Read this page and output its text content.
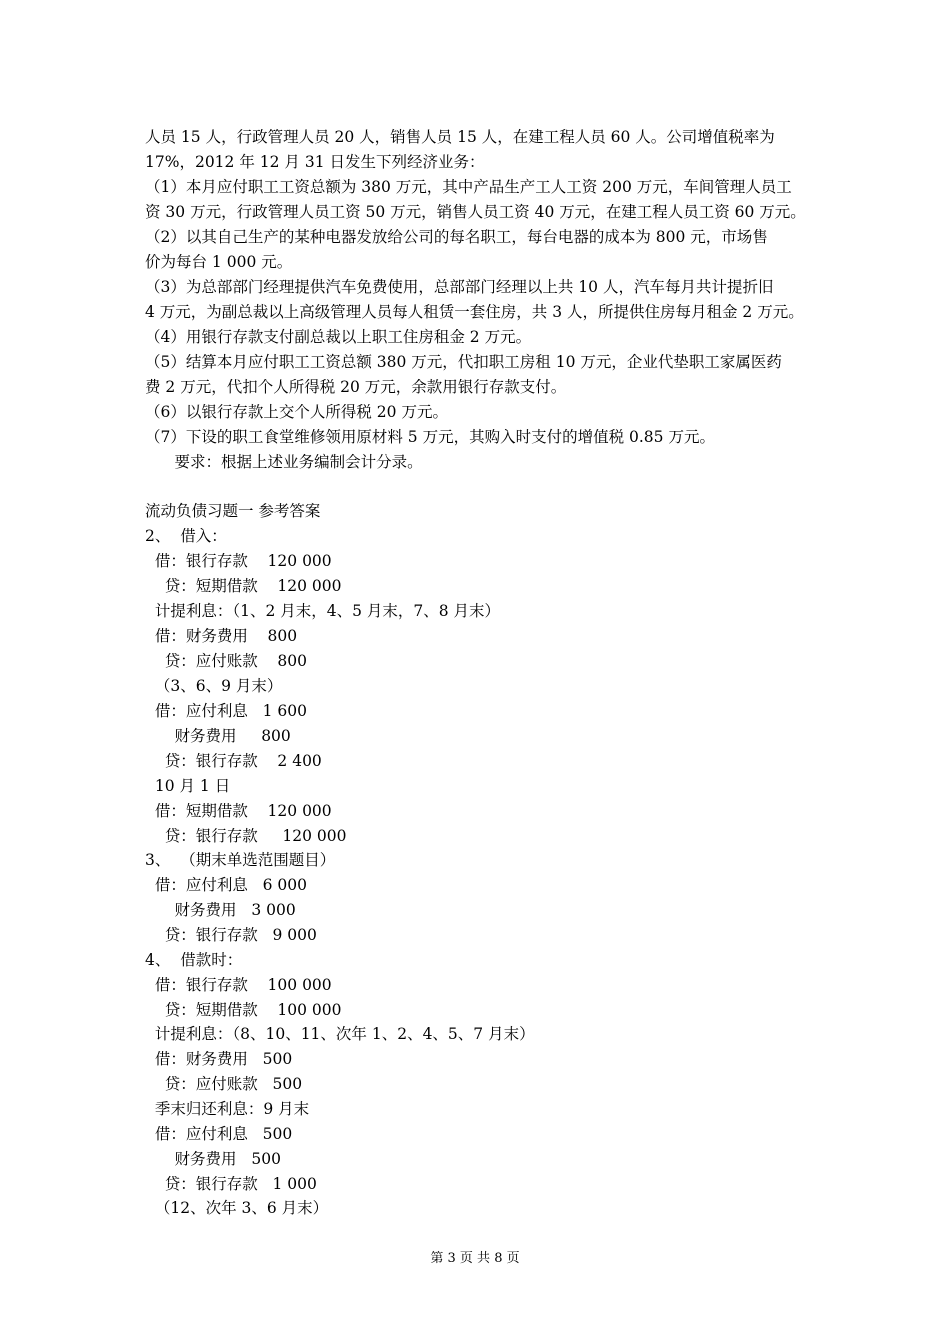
人员 15 人，行政管理人员 20 人，销售人员 15 人，在建工程人员 60 人。公司增值税率为
17%，2012 年 12 月 31 日发生下列经济业务：
（1）本月应付职工工资总额为 380 万元，其中产品生产工人工资 200 万元，车间管理人员工
资 30 万元，行政管理人员工资 50 万元，销售人员工资 40 万元，在建工程人员工资 60 万元。
（2）以其自己生产的某种电器发放给公司的每名职工，每台电器的成本为 800 元，市场售
价为每台 1 000 元。
（3）为总部部门经理提供汽车免费使用，总部部门经理以上共 10 人，汽车每月共计提折旧
4 万元，为副总裁以上高级管理人员每人租赁一套住房，共 3 人，所提供住房每月租金 2 万元。
（4）用银行存款支付副总裁以上职工住房租金 2 万元。
（5）结算本月应付职工工资总额 380 万元，代扣职工房租 10 万元，企业代垫职工家属医药
费 2 万元，代扣个人所得税 20 万元，余款用银行存款支付。
（6）以银行存款上交个人所得税 20 万元。
（7）下设的职工食堂维修领用原材料 5 万元，其购入时支付的增值税 0.85 万元。
要求：根据上述业务编制会计分录。
流动负债习题一 参考答案
2、  借入：
借：银行存款    120 000
贷：短期借款    120 000
计提利息：（1、2 月末，4、5 月末，7、8 月末）
借：财务费用    800
贷：应付账款    800
（3、6、9 月末）
借：应付利息   1 600
财务费用     800
贷：银行存款    2 400
10 月 1 日
借：短期借款    120 000
贷：银行存款     120 000
3、  （期末单选范围题目）
借：应付利息   6 000
财务费用   3 000
贷：银行存款   9 000
4、  借款时：
借：银行存款    100 000
贷：短期借款    100 000
计提利息：（8、10、11、次年 1、2、4、5、7 月末）
借：财务费用   500
贷：应付账款   500
季末归还利息：9 月末
借：应付利息   500
财务费用   500
贷：银行存款   1 000
（12、次年 3、6 月末）
第 3 页 共 8 页
